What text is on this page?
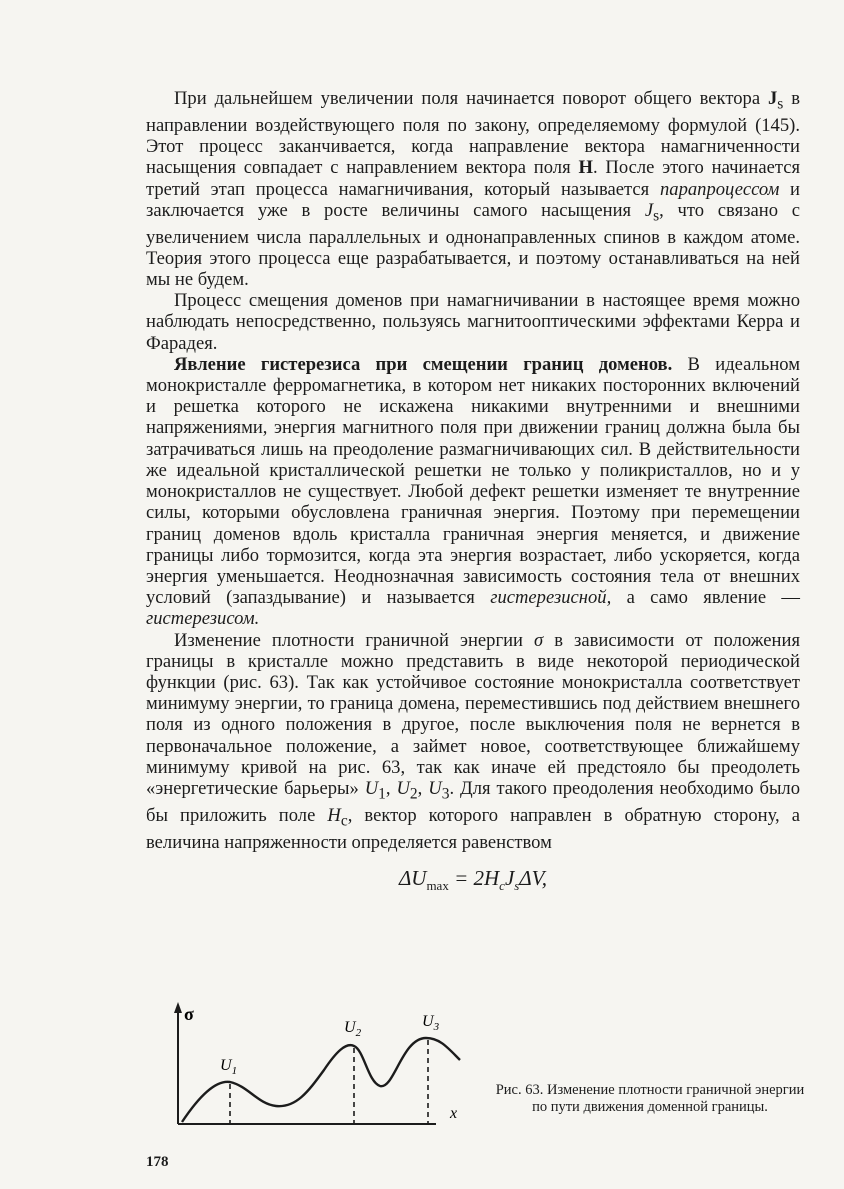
При дальнейшем увеличении поля начинается поворот общего вектора $J_s$ в направлении воздействующего поля по закону, определяемому формулой (145). Этот процесс заканчивается, когда направление вектора намагниченности насыщения совпадает с направлением вектора поля H. После этого начинается третий этап процесса намагничивания, который называется парапроцессом и заключается уже в росте величины самого насыщения $J_s$, что связано с увеличением числа параллельных и однонаправленных спинов в каждом атоме. Теория этого процесса еще разрабатывается, и поэтому останавливаться на ней мы не будем.

Процесс смещения доменов при намагничивании в настоящее время можно наблюдать непосредственно, пользуясь магнитооптическими эффектами Керра и Фарадея.

Явление гистерезиса при смещении границ доменов. В идеальном монокристалле ферромагнетика, в котором нет никаких посторонних включений и решетка которого не искажена никакими внутренними и внешними напряжениями, энергия магнитного поля при движении границ должна была бы затрачиваться лишь на преодоление размагничивающих сил. В действительности же идеальной кристаллической решетки не только у поликристаллов, но и у монокристаллов не существует. Любой дефект решетки изменяет те внутренние силы, которыми обусловлена граничная энергия. Поэтому при перемещении границ доменов вдоль кристалла граничная энергия меняется, и движение границы либо тормозится, когда эта энергия возрастает, либо ускоряется, когда энергия уменьшается. Неоднозначная зависимость состояния тела от внешних условий (запаздывание) и называется гистерезисной, а само явление — гистерезисом.

Изменение плотности граничной энергии σ в зависимости от положения границы в кристалле можно представить в виде некоторой периодической функции (рис. 63). Так как устойчивое состояние монокристалла соответствует минимуму энергии, то граница домена, переместившись под действием внешнего поля из одного положения в другое, после выключения поля не вернется в первоначальное положение, а займет новое, соответствующее ближайшему минимуму кривой на рис. 63, так как иначе ей предстояло бы преодолеть «энергетические барьеры» $U_1$, $U_2$, $U_3$. Для такого преодоления необходимо было бы приложить поле $H_c$, вектор которого направлен в обратную сторону, а величина напряженности определяется равенством

$\Delta U_{max} = 2H_cJ_s\Delta V$,
σ
x
$U_1$
$U_2$
$U_3$
Рис. 63. Изменение плотности граничной энергии по пути движения доменной границы.
178
